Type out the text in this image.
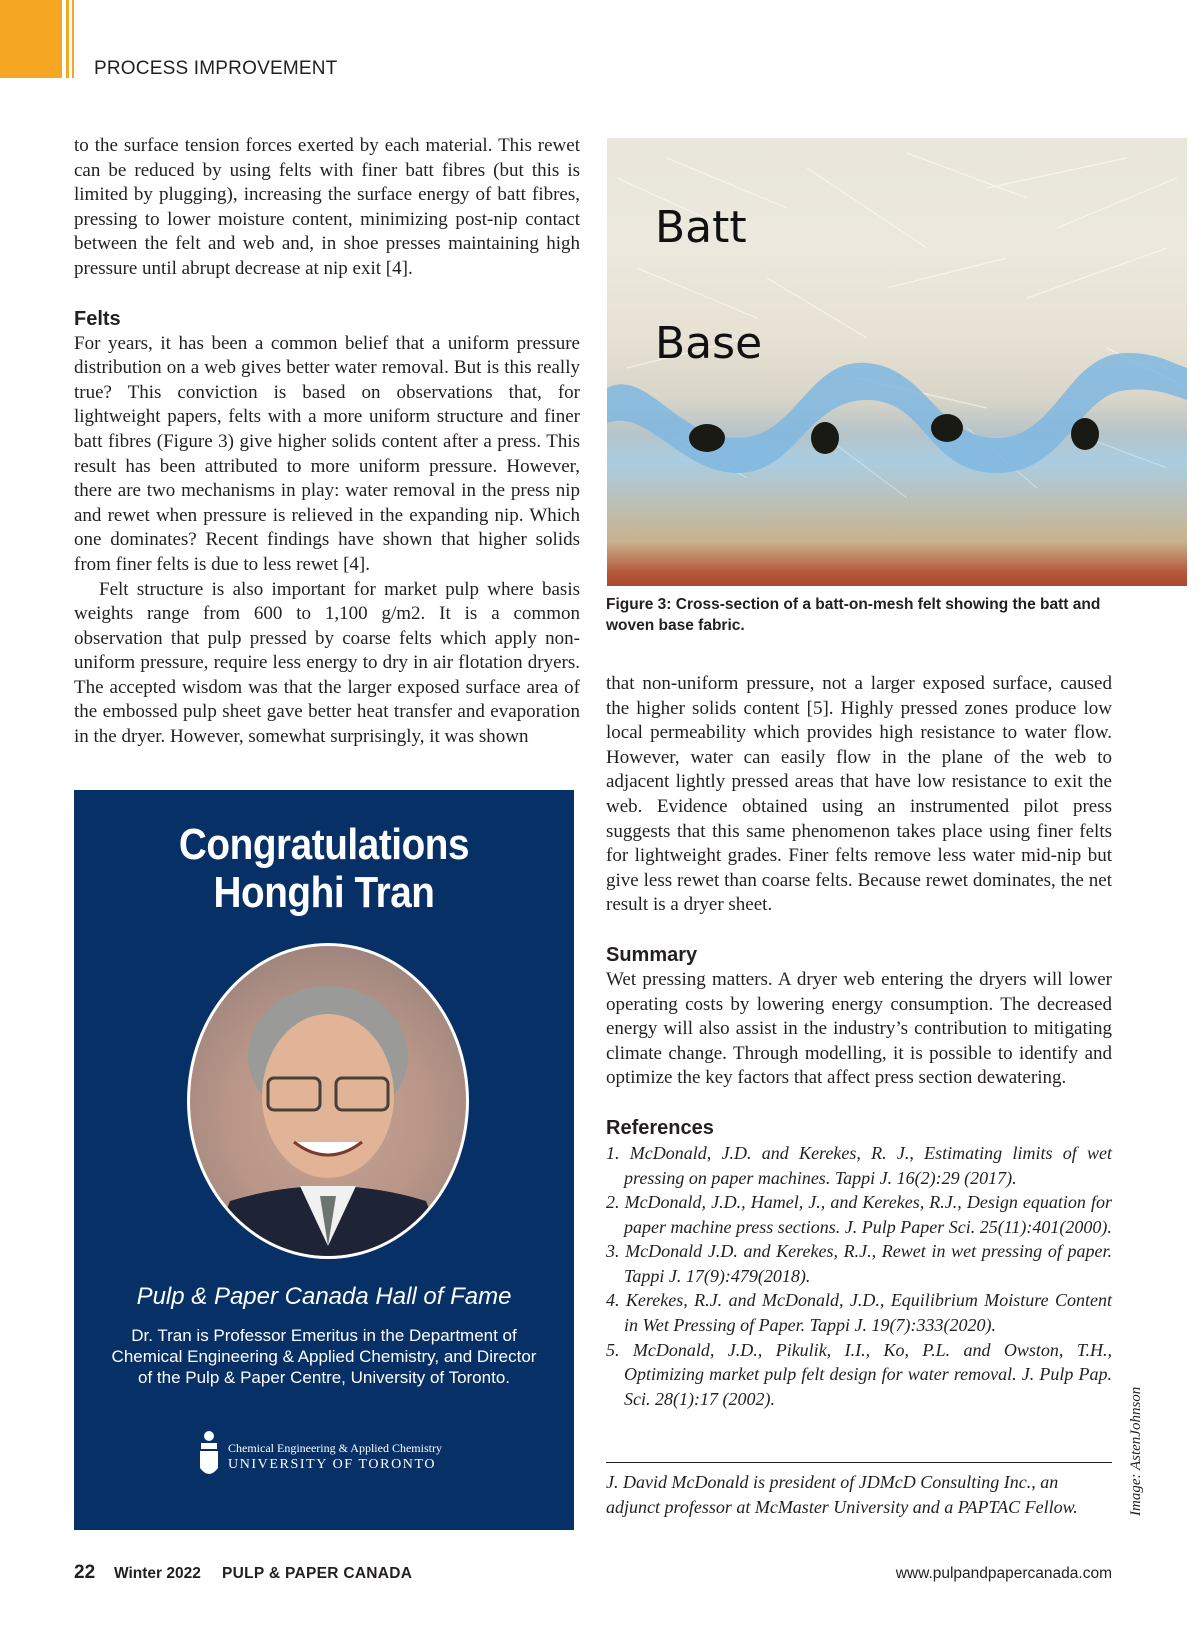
PROCESS IMPROVEMENT

to the surface tension forces exerted by each material. This rewet can be reduced by using felts with finer batt fibres (but this is limited by plugging), increasing the surface energy of batt fibres, pressing to lower moisture content, minimizing post-nip contact between the felt and web and, in shoe presses maintaining high pressure until abrupt decrease at nip exit [4].

Felts

For years, it has been a common belief that a uniform pressure distribution on a web gives better water removal. But is this really true? This conviction is based on observations that, for lightweight papers, felts with a more uniform structure and finer batt fibres (Figure 3) give higher solids content after a press. This result has been attributed to more uniform pressure. However, there are two mechanisms in play: water removal in the press nip and rewet when pressure is relieved in the expanding nip. Which one dominates? Recent findings have shown that higher solids from finer felts is due to less rewet [4].

Felt structure is also important for market pulp where basis weights range from 600 to 1,100 g/m2. It is a common observation that pulp pressed by coarse felts which apply non-uniform pressure, require less energy to dry in air flotation dryers. The accepted wisdom was that the larger exposed surface area of the embossed pulp sheet gave better heat transfer and evaporation in the dryer. However, somewhat surprisingly, it was shown

Batt
Base
Figure 3: Cross-section of a batt-on-mesh felt showing the batt and woven base fabric.
Congratulations
Honghi Tran
Pulp & Paper Canada Hall of Fame
Dr. Tran is Professor Emeritus in the Department of Chemical Engineering & Applied Chemistry, and Director of the Pulp & Paper Centre, University of Toronto.
Chemical Engineering & Applied Chemistry
UNIVERSITY OF TORONTO

that non-uniform pressure, not a larger exposed surface, caused the higher solids content [5]. Highly pressed zones produce low local permeability which provides high resistance to water flow. However, water can easily flow in the plane of the web to adjacent lightly pressed areas that have low resistance to exit the web. Evidence obtained using an instrumented pilot press suggests that this same phenomenon takes place using finer felts for lightweight grades. Finer felts remove less water mid-nip but give less rewet than coarse felts. Because rewet dominates, the net result is a dryer sheet.

Summary

Wet pressing matters. A dryer web entering the dryers will lower operating costs by lowering energy consumption. The decreased energy will also assist in the industry’s contribution to mitigating climate change. Through modelling, it is possible to identify and optimize the key factors that affect press section dewatering.

References
1. McDonald, J.D. and Kerekes, R. J., Estimating limits of wet pressing on paper machines. Tappi J. 16(2):29 (2017).
2. McDonald, J.D., Hamel, J., and Kerekes, R.J., Design equation for paper machine press sections. J. Pulp Paper Sci. 25(11):401(2000).
3. McDonald J.D. and Kerekes, R.J., Rewet in wet pressing of paper. Tappi J. 17(9):479(2018).
4. Kerekes, R.J. and McDonald, J.D., Equilibrium Moisture Content in Wet Pressing of Paper. Tappi J. 19(7):333(2020).
5. McDonald, J.D., Pikulik, I.I., Ko, P.L. and Owston, T.H., Optimizing market pulp felt design for water removal. J. Pulp Pap. Sci. 28(1):17 (2002).
J. David McDonald is president of JDMcD Consulting Inc., an adjunct professor at McMaster University and a PAPTAC Fellow.	Image: AstenJohnson
22 Winter 2022 PULP & PAPER CANADA	www.pulpandpapercanada.com
